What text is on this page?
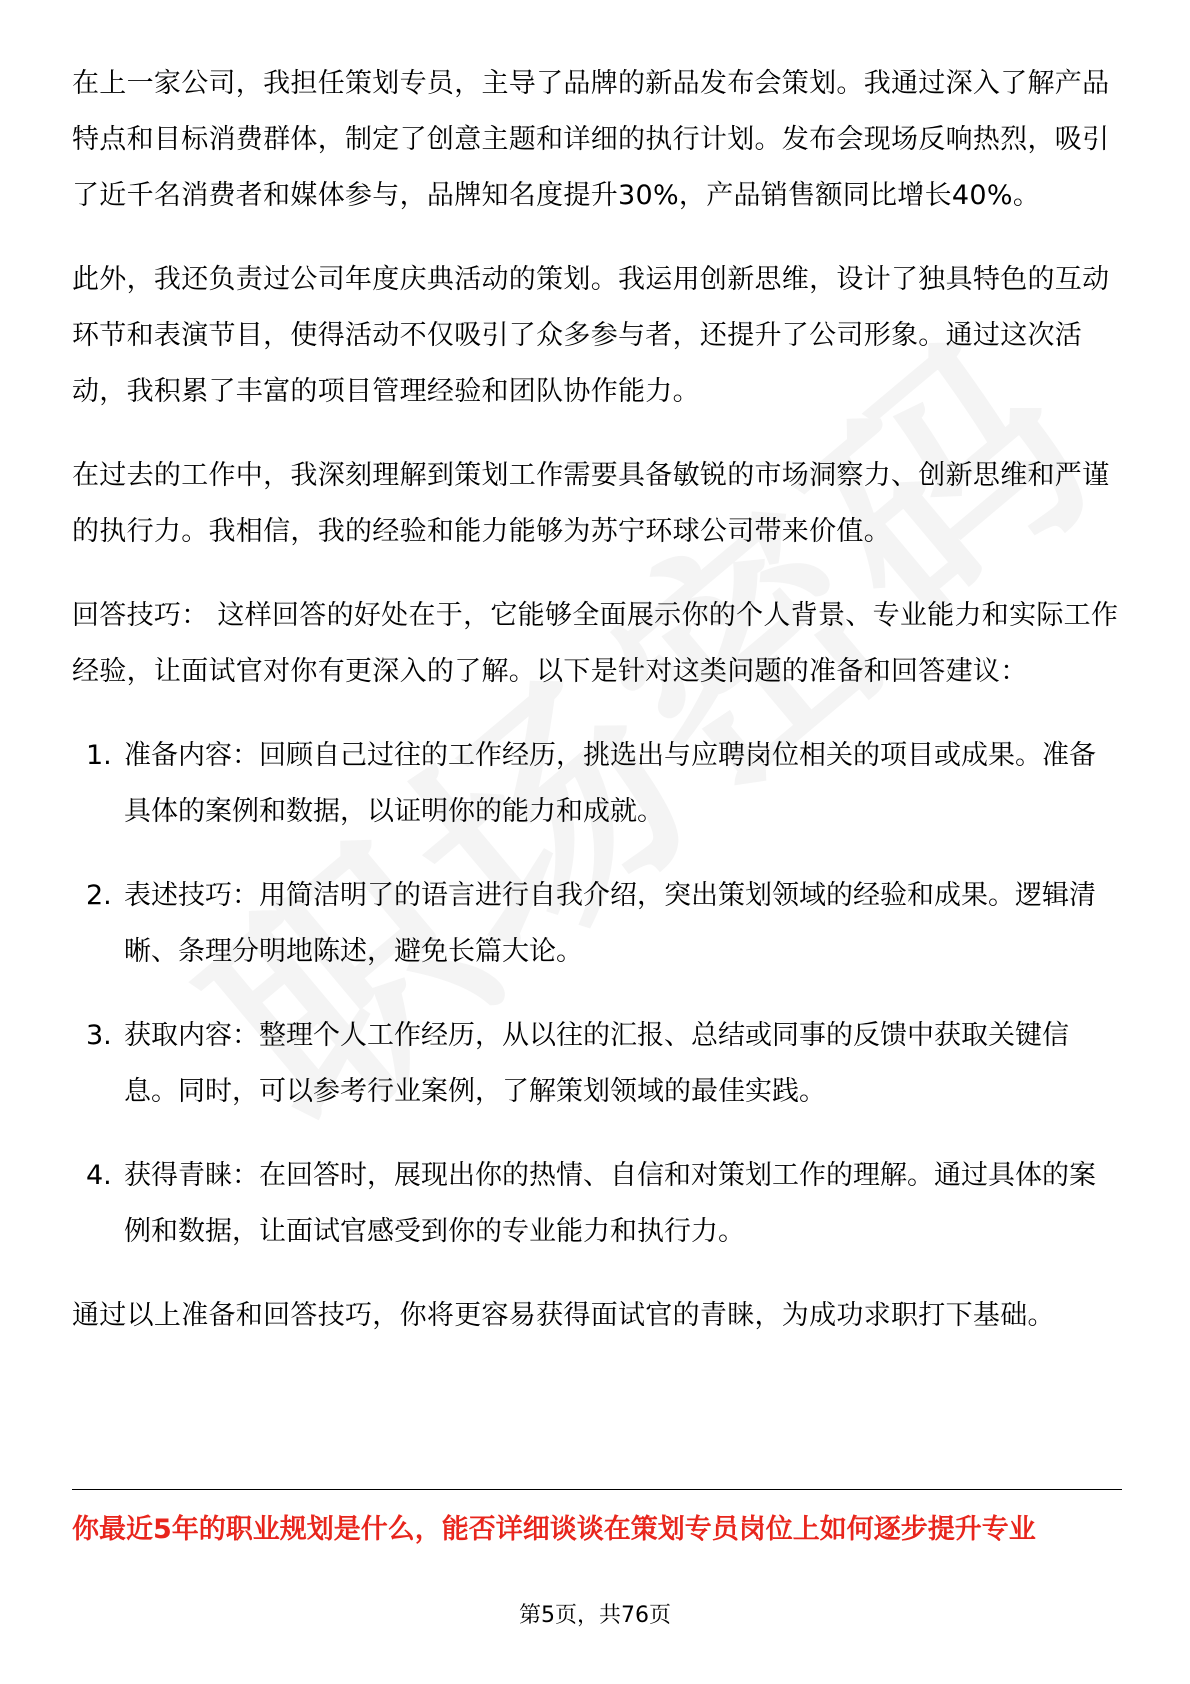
在上一家公司，我担任策划专员，主导了品牌的新品发布会策划。我通过深入了解产品特点和目标消费群体，制定了创意主题和详细的执行计划。发布会现场反响热烈，吸引了近千名消费者和媒体参与，品牌知名度提升30%，产品销售额同比增长40%。

此外，我还负责过公司年度庆典活动的策划。我运用创新思维，设计了独具特色的互动环节和表演节目，使得活动不仅吸引了众多参与者，还提升了公司形象。通过这次活动，我积累了丰富的项目管理经验和团队协作能力。

在过去的工作中，我深刻理解到策划工作需要具备敏锐的市场洞察力、创新思维和严谨的执行力。我相信，我的经验和能力能够为苏宁环球公司带来价值。

回答技巧： 这样回答的好处在于，它能够全面展示你的个人背景、专业能力和实际工作经验，让面试官对你有更深入的了解。以下是针对这类问题的准备和回答建议：

1. 准备内容：回顾自己过往的工作经历，挑选出与应聘岗位相关的项目或成果。准备具体的案例和数据，以证明你的能力和成就。
2. 表述技巧：用简洁明了的语言进行自我介绍，突出策划领域的经验和成果。逻辑清晰、条理分明地陈述，避免长篇大论。
3. 获取内容：整理个人工作经历，从以往的汇报、总结或同事的反馈中获取关键信息。同时，可以参考行业案例，了解策划领域的最佳实践。
4. 获得青睐：在回答时，展现出你的热情、自信和对策划工作的理解。通过具体的案例和数据，让面试官感受到你的专业能力和执行力。

通过以上准备和回答技巧，你将更容易获得面试官的青睐，为成功求职打下基础。

你最近5年的职业规划是什么，能否详细谈谈在策划专员岗位上如何逐步提升专业
第5页，共76页
